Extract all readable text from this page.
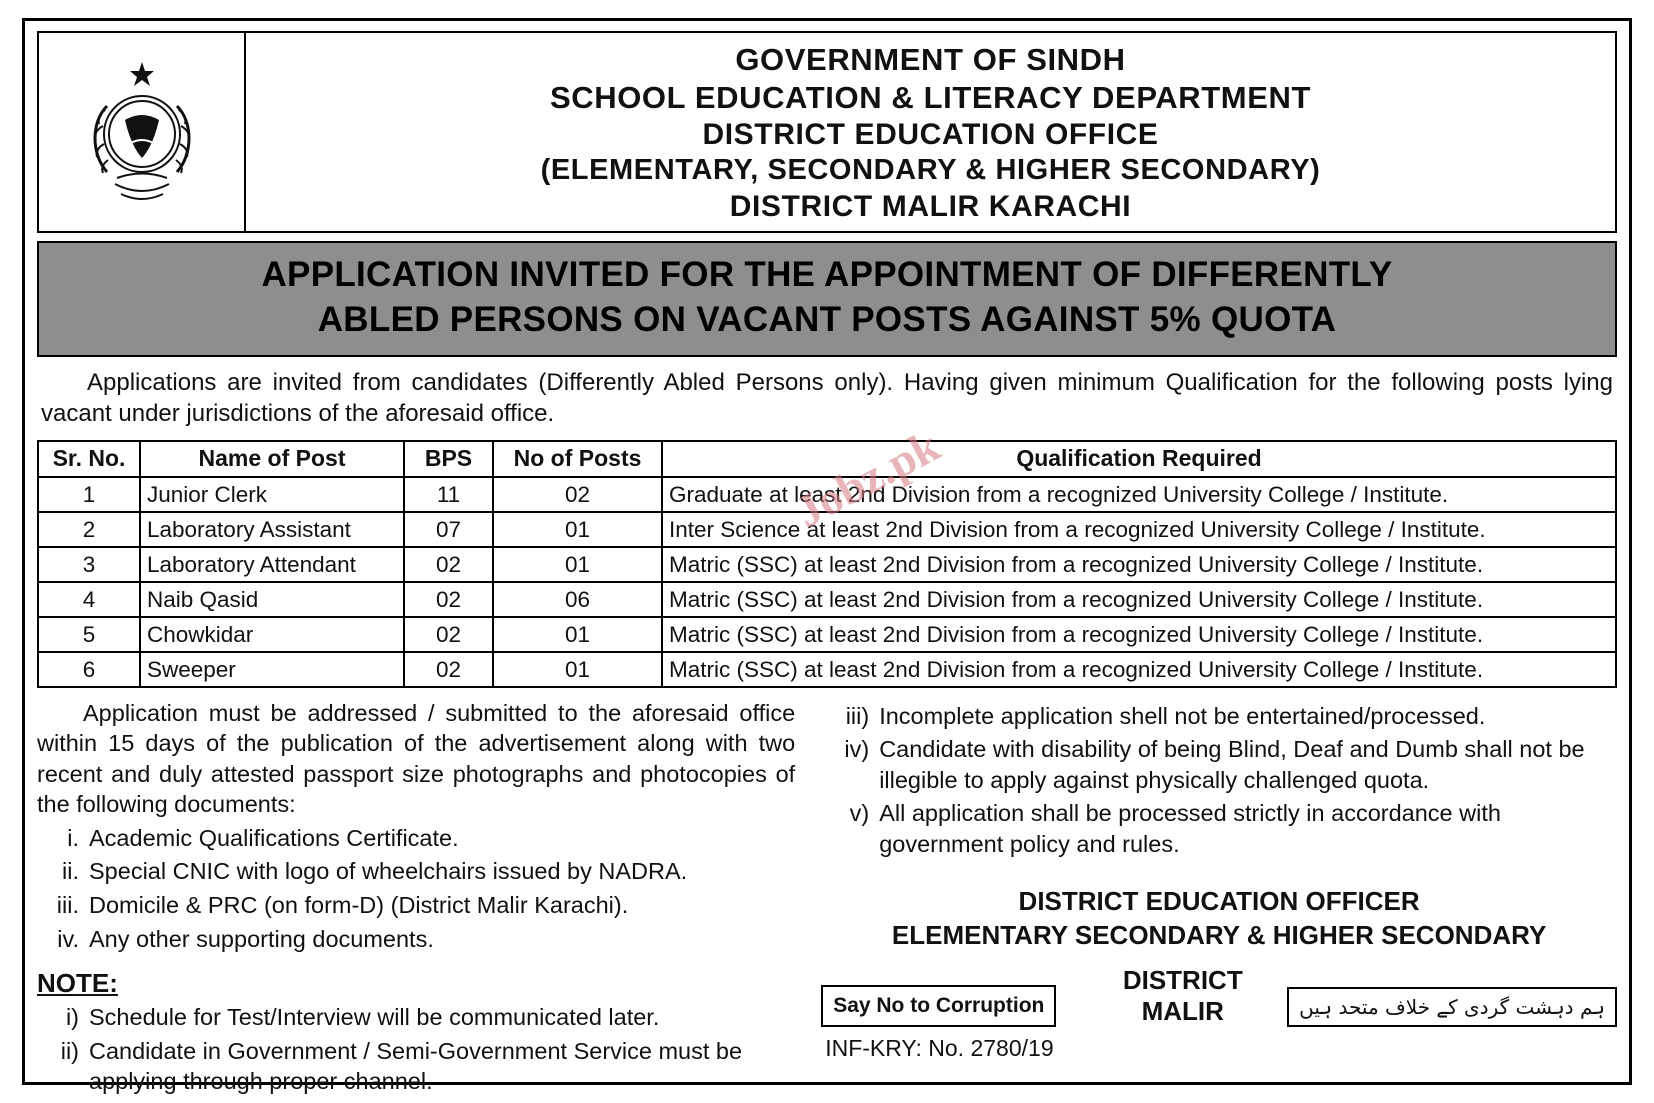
GOVERNMENT OF SINDH
SCHOOL EDUCATION & LITERACY DEPARTMENT
DISTRICT EDUCATION OFFICE
(ELEMENTARY, SECONDARY & HIGHER SECONDARY)
DISTRICT MALIR KARACHI
APPLICATION INVITED FOR THE APPOINTMENT OF DIFFERENTLY
ABLED PERSONS ON VACANT POSTS AGAINST 5% QUOTA
Applications are invited from candidates (Differently Abled Persons only). Having given minimum Qualification for the following posts lying vacant under jurisdictions of the aforesaid office.
Sr. No.	Name of Post	BPS	No of Posts	Qualification Required
1	Junior Clerk	11	02	Graduate at least 2nd Division from a recognized University College / Institute.
2	Laboratory Assistant	07	01	Inter Science at least 2nd Division from a recognized University College / Institute.
3	Laboratory Attendant	02	01	Matric (SSC) at least 2nd Division from a recognized University College / Institute.
4	Naib Qasid	02	06	Matric (SSC) at least 2nd Division from a recognized University College / Institute.
5	Chowkidar	02	01	Matric (SSC) at least 2nd Division from a recognized University College / Institute.
6	Sweeper	02	01	Matric (SSC) at least 2nd Division from a recognized University College / Institute.
Application must be addressed / submitted to the aforesaid office within 15 days of the publication of the advertisement along with two recent and duly attested passport size photographs and photocopies of the following documents:
i. Academic Qualifications Certificate.
ii. Special CNIC with logo of wheelchairs issued by NADRA.
iii. Domicile & PRC (on form-D) (District Malir Karachi).
iv. Any other supporting documents.
NOTE:
i) Schedule for Test/Interview will be communicated later.
ii) Candidate in Government / Semi-Government Service must be applying through proper channel.
iii) Incomplete application shell not be entertained/processed.
iv) Candidate with disability of being Blind, Deaf and Dumb shall not be illegible to apply against physically challenged quota.
v) All application shall be processed strictly in accordance with government policy and rules.
DISTRICT EDUCATION OFFICER
ELEMENTARY SECONDARY & HIGHER SECONDARY
Say No to Corruption
DISTRICT MALIR	ہم دہشت گردی کے خلاف متحد ہیں
INF-KRY: No. 2780/19
Jobz.pk
